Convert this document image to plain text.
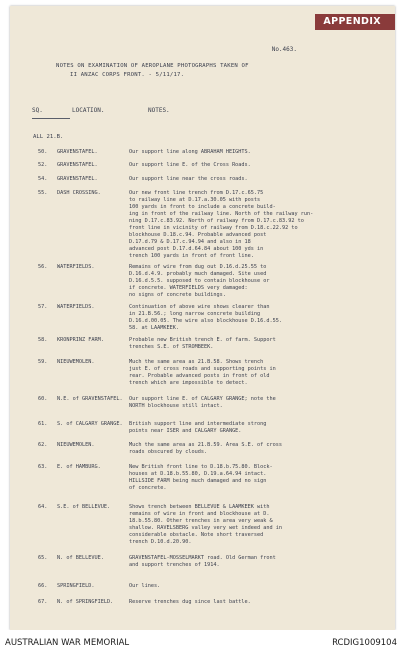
APPENDIX
No.463.
NOTES ON EXAMINATION OF AEROPLANE PHOTOGRAPHS TAKEN OF
II ANZAC CORPS FRONT. - 5/11/17.
SQ.	LOCATION.	NOTES.
ALL 21.B.
50. GRAVENSTAFEL.	Our support line along ABRAHAM HEIGHTS.
52. GRAVENSTAFEL.	Our support line E. of the Cross Roads.
54. GRAVENSTAFEL.	Our support line near the cross roads.
55. DASH CROSSING.	Our new front line trench from D.17.c.65.75
to railway line at D.17.a.30.05 with posts
100 yards in front to include a concrete build-
ing in front of the railway line. North of the railway run-
ning D.17.c.83.92. North of railway from D.17.c.83.92 to
front line in vicinity of railway from D.18.c.22.92 to
blockhouse D.18.c.94. Probable advanced post
D.17.d.79 & D.17.c.94.94 and also in 18
advanced post D.17.d.64.84 about 100 yds in
trench 100 yards in front of front line.
56. WATERFIELDS.	Remains of wire from dug out D.16.d.25.55 to
D.16.d.4.9. probably much damaged. Site used
D.16.d.5.5. supposed to contain blockhouse or
if concrete. WATERFIELDS very damaged:
no signs of concrete buildings.
57. WATERFIELDS.	Continuation of above wire shows clearer than
in 21.B.56.; long narrow concrete building
D.16.d.00.05. The wire also blockhouse D.16.d.55.
58. at LAAMKEEK.
58. KRONPRINZ FARM.	Probable new British trench E. of farm. Support
trenches S.E. of STROMBEEK.
59. NIEUWEMOLEN.	Much the same area as 21.B.58. Shows trench
just E. of cross roads and supporting points in
rear. Probable advanced posts in front of old
trench which are impossible to detect.
60. N.E. of GRAVENSTAFEL.	Our support line E. of CALGARY GRANGE; note the
NORTH blockhouse still intact.
61. S. of CALGARY GRANGE.	British support line and intermediate strong
points near ISER and CALGARY GRANGE.
62. NIEUWEMOLEN.	Much the same area as 21.B.59. Area S.E. of cross
roads obscured by clouds.
63. E. of HAMBURG.	New British front line to D.18.b.75.80. Block-
houses at D.18.b.55.80, D.19.a.64.94 intact.
HILLSIDE FARM being much damaged and no sign
of concrete.
64. S.E. of BELLEVUE.	Shows trench between BELLEVUE & LAAMKEEK with
remains of wire in front and blockhouse at D.
18.b.55.80. Other trenches in area very weak &
shallow. RAVELSBERG valley very wet indeed and in
considerable obstacle. Note short traversed
trench D.10.d.20.90.
65. N. of BELLEVUE.	GRAVENSTAFEL-MOSSELMARKT road. Old German front
and support trenches of 1914.
66. SPRINGFIELD.	Our lines.
67. N. of SPRINGFIELD.	Reserve trenches dug since last battle.
AUSTRALIAN WAR MEMORIAL	RCDIG1009104
